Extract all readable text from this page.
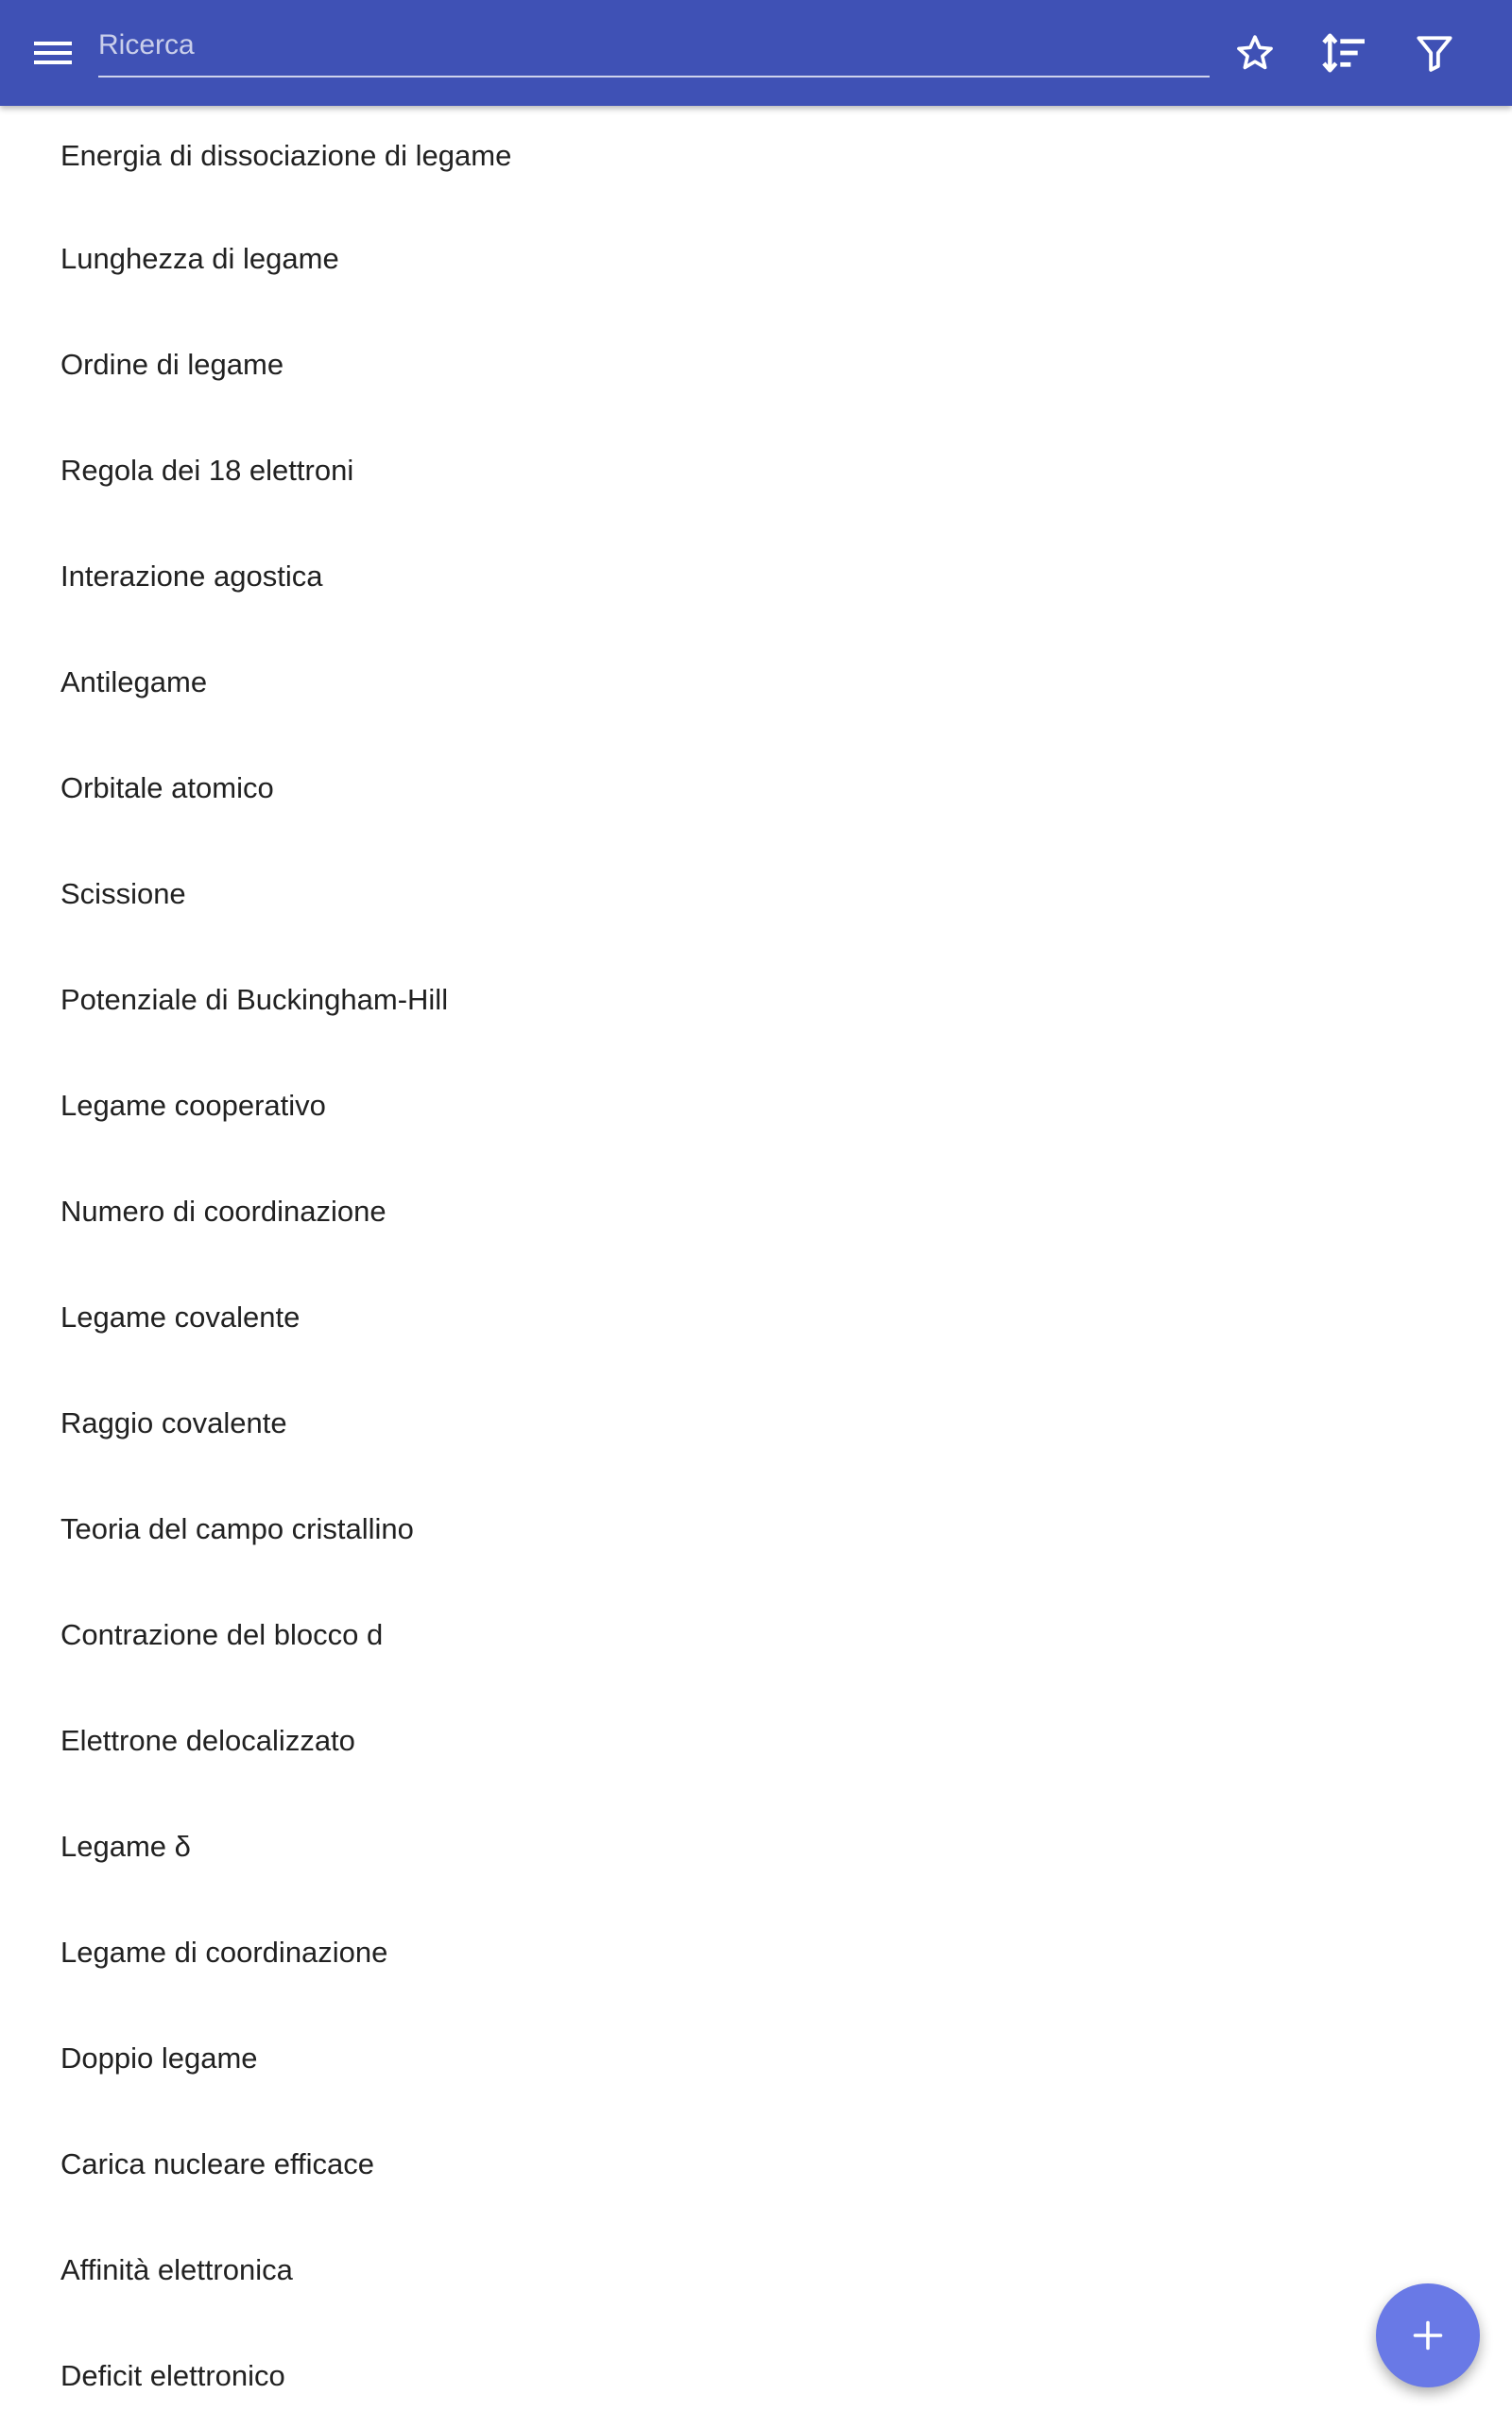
Ricerca
Energia di dissociazione di legame
Lunghezza di legame
Ordine di legame
Regola dei 18 elettroni
Interazione agostica
Antilegame
Orbitale atomico
Scissione
Potenziale di Buckingham-Hill
Legame cooperativo
Numero di coordinazione
Legame covalente
Raggio covalente
Teoria del campo cristallino
Contrazione del blocco d
Elettrone delocalizzato
Legame δ
Legame di coordinazione
Doppio legame
Carica nucleare efficace
Affinità elettronica
Deficit elettronico
